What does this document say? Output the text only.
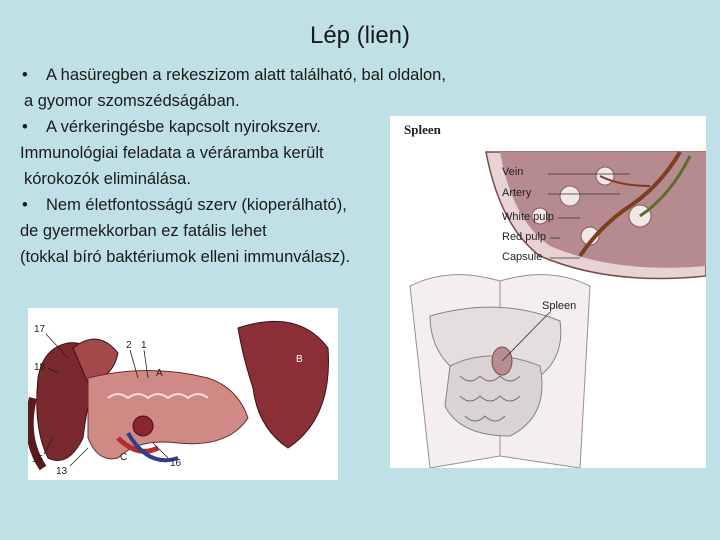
Lép (lien)
• A hasüregben a rekeszizom alatt található, bal oldalon,
a gyomor szomszédságában.
• A vérkeringésbe kapcsolt nyirokszerv.
Immunológiai feladata a véráramba került
kórokozók eliminálása.
• Nem életfontosságú szerv (kioperálható),
de gyermekkorban ez fatális lehet
(tokkal bíró baktériumok elleni immunválasz).
Spleen
Vein
Artery
White pulp
Red pulp
Capsule
Spleen
17
2 1
B
18
A
15
13
C
16
